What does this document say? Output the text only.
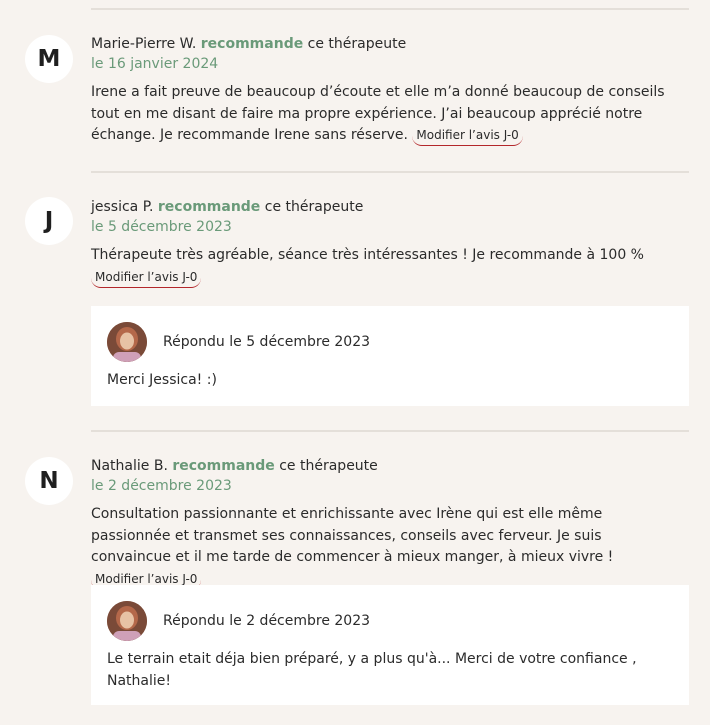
M
Marie-Pierre W. recommande ce thérapeute
le 16 janvier 2024
Irene a fait preuve de beaucoup d’écoute et elle m’a donné beaucoup de conseils tout en me disant de faire ma propre expérience. J’ai beaucoup apprécié notre échange. Je recommande Irene sans réserve. Modifier l’avis J-0
J
jessica P. recommande ce thérapeute
le 5 décembre 2023
Thérapeute très agréable, séance très intéressantes ! Je recommande à 100 % Modifier l’avis J-0
Répondu le 5 décembre 2023
Merci Jessica! :)
N
Nathalie B. recommande ce thérapeute
le 2 décembre 2023
Consultation passionnante et enrichissante avec Irène qui est elle même passionnée et transmet ses connaissances, conseils avec ferveur. Je suis convaincue et il me tarde de commencer à mieux manger, à mieux vivre ! Modifier l’avis J-0
Répondu le 2 décembre 2023
Le terrain etait déja bien préparé, y a plus qu'à... Merci de votre confiance , Nathalie!
